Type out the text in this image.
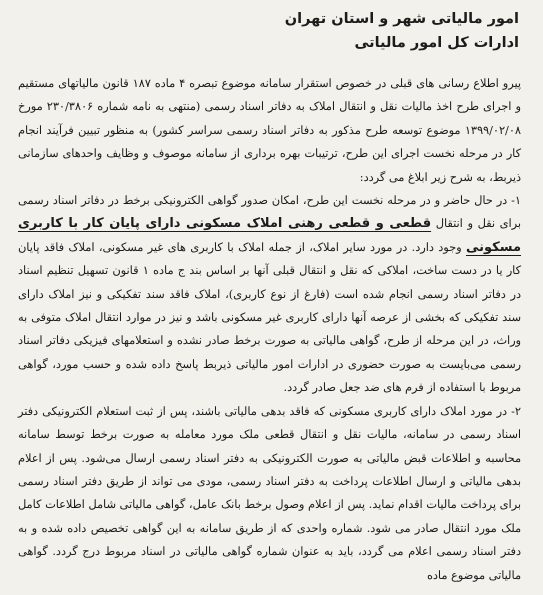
امور مالیاتی شهر و استان تهران
ادارات کل امور مالیاتی

پیرو اطلاع رسانی های قبلی در خصوص استقرار سامانه موضوع تبصره ۴ ماده ۱۸۷ قانون مالیاتهای مستقیم و اجرای طرح اخذ مالیات نقل و انتقال املاک به دفاتر اسناد رسمی (منتهی به نامه شماره ۲۳۰/۳۸۰۶ مورخ ۱۳۹۹/۰۲/۰۸ موضوع توسعه طرح مذکور به دفاتر اسناد رسمی سراسر کشور) به منظور تبیین فرآیند انجام کار در مرحله نخست اجرای این طرح، ترتیبات بهره برداری از سامانه موصوف و وظایف واحدهای سازمانی ذیربط، به شرح زیر ابلاغ می گردد:

۱- در حال حاضر و در مرحله نخست این طرح، امکان صدور گواهی الکترونیکی برخط در دفاتر اسناد رسمی برای نقل و انتقال قطعی و قطعی رهنی املاک مسکونی دارای پایان کار با کاربری مسکونی وجود دارد. در مورد سایر املاک، از جمله املاک با کاربری های غیر مسکونی، املاک فاقد پایان کار یا در دست ساخت، املاکی که نقل و انتقال قبلی آنها بر اساس بند ج ماده ۱ قانون تسهیل تنظیم اسناد در دفاتر اسناد رسمی انجام شده است (فارغ از نوع کاربری)، املاک فاقد سند تفکیکی و نیز املاک دارای سند تفکیکی که بخشی از عرصه آنها دارای کاربری غیر مسکونی باشد و نیز در موارد انتقال املاک متوفی به وراث، در این مرحله از طرح، گواهی مالیاتی به صورت برخط صادر نشده و استعلامهای فیزیکی دفاتر اسناد رسمی می‌بایست به صورت حضوری در ادارات امور مالیاتی ذیربط پاسخ داده شده و حسب مورد، گواهی مربوط با استفاده از فرم های ضد جعل صادر گردد.

۲- در مورد املاک دارای کاربری مسکونی که فاقد بدهی مالیاتی باشند، پس از ثبت استعلام الکترونیکی دفتر اسناد رسمی در سامانه، مالیات نقل و انتقال قطعی ملک مورد معامله به صورت برخط توسط سامانه محاسبه و اطلاعات قبض مالیاتی به صورت الکترونیکی به دفتر اسناد رسمی ارسال می‌شود. پس از اعلام بدهی مالیاتی و ارسال اطلاعات پرداخت به دفتر اسناد رسمی، مودی می تواند از طریق دفتر اسناد رسمی برای پرداخت مالیات اقدام نماید. پس از اعلام وصول برخط بانک عامل، گواهی مالیاتی شامل اطلاعات کامل ملک مورد انتقال صادر می شود. شماره واحدی که از طریق سامانه به این گواهی تخصیص داده شده و به دفتر اسناد رسمی اعلام می گردد، باید به عنوان شماره گواهی مالیاتی در اسناد مربوط درج گردد. گواهی مالیاتی موضوع ماده
